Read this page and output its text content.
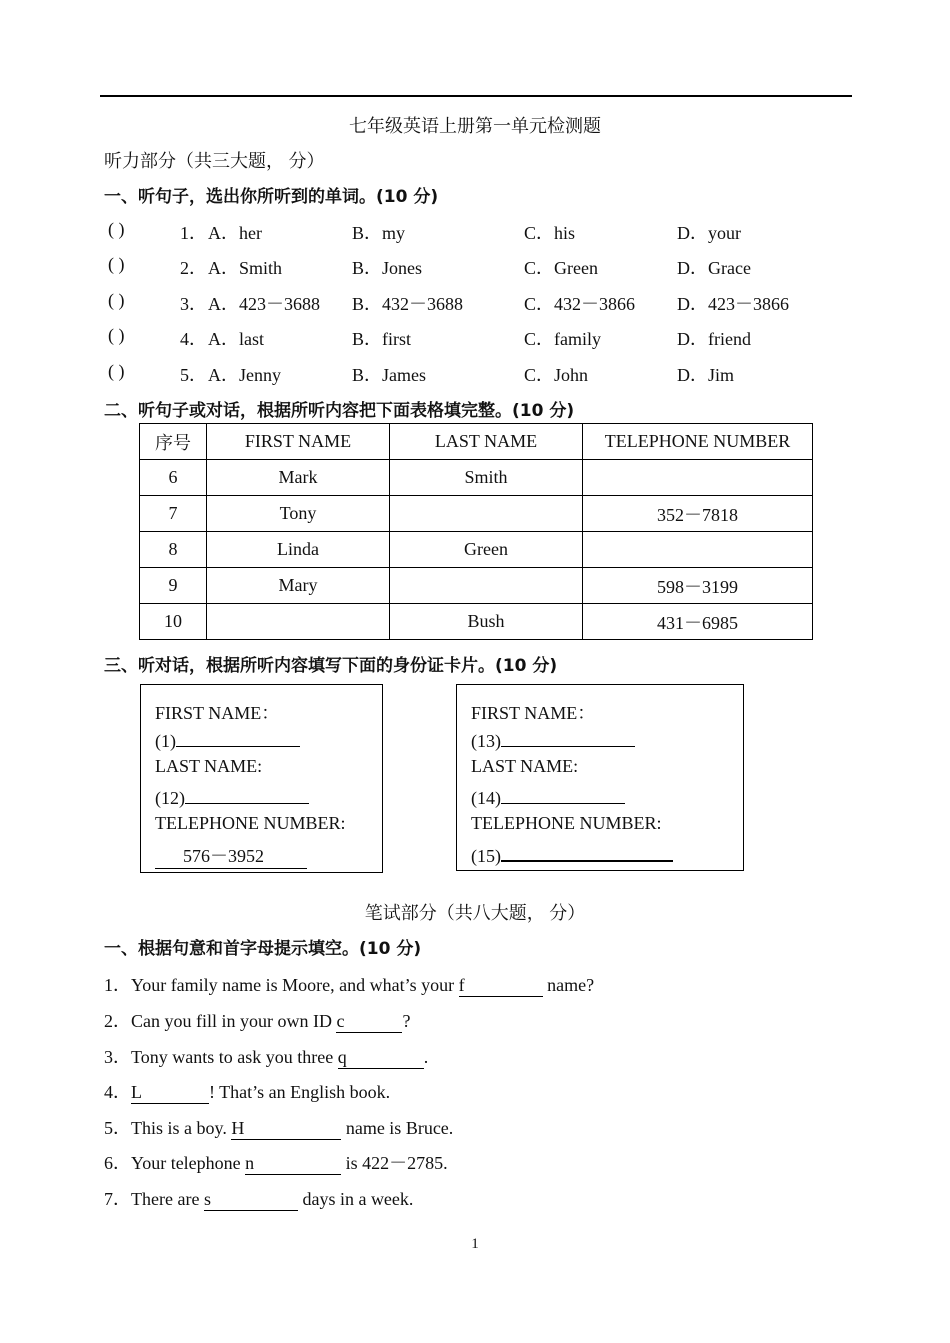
七年级英语上册第一单元检测题
听力部分（共三大题， 分）
一、听句子，选出你所听到的单词。(10 分)
( )	1． A．her	B．my	C．his	D．your
( )	2． A．Smith	B．Jones	C．Green	D．Grace
( )	3． A．423－3688 B．432－3688	C．432－3866 D．423－3866
( )	4． A．last	B．first	C．family	D．friend
( )	5． A．Jenny	B．James	C．John	D．Jim
二、听句子或对话，根据所听内容把下面表格填完整。(10 分)
序号	FIRST NAME	LAST NAME	TELEPHONE NUMBER
6	Mark	Smith	
7	Tony		352－7818
8	Linda	Green	
9	Mary		598－3199
10		Bush	431－6985
三、听对话，根据所听内容填写下面的身份证卡片。(10 分)
FIRST NAME：
(1)
LAST NAME:
(12)
TELEPHONE NUMBER:
576－3952
FIRST NAME：
(13)
LAST NAME:
(14)
TELEPHONE NUMBER:
(15)
笔试部分（共八大题， 分）
一、根据句意和首字母提示填空。(10 分)
1．Your family name is Moore, and what’s your f	name?
2．Can you fill in your own ID c	?
3．Tony wants to ask you three q	.
4．L	! That’s an English book.
5．This is a boy. H	name is Bruce.
6．Your telephone n	is 422－2785.
7．There are s	days in a week.
1
